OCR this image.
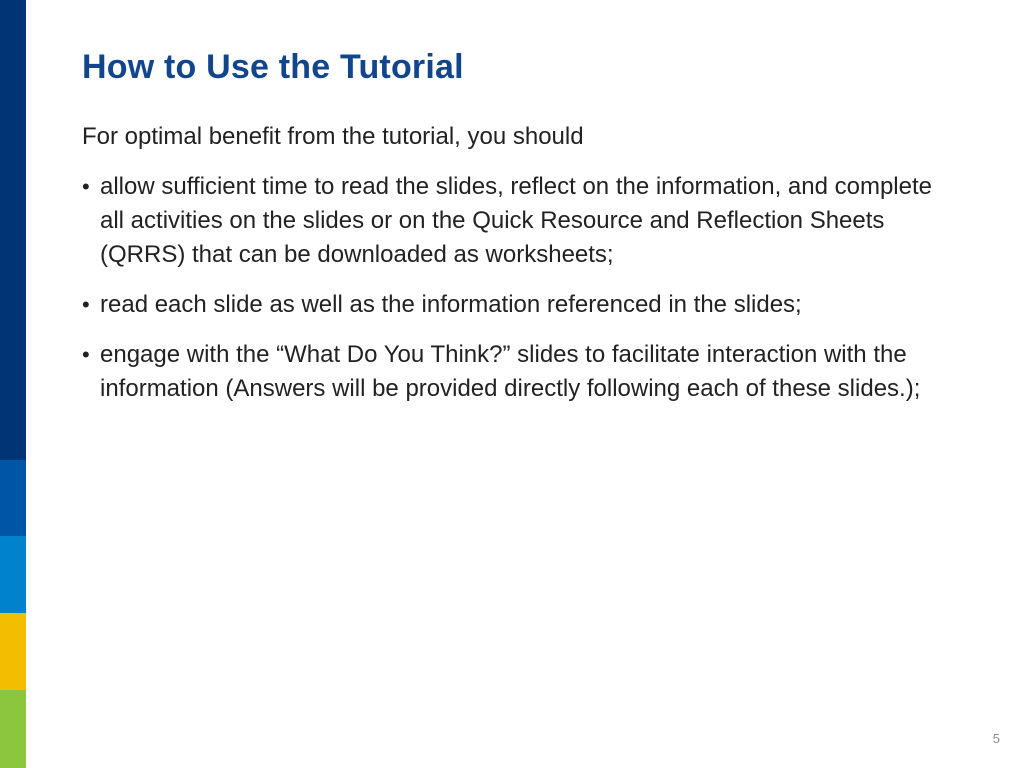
How to Use the Tutorial

For optimal benefit from the tutorial, you should

• allow sufficient time to read the slides, reflect on the information, and complete all activities on the slides or on the Quick Resource and Reflection Sheets (QRRS) that can be downloaded as worksheets;
• read each slide as well as the information referenced in the slides;
• engage with the “What Do You Think?” slides to facilitate interaction with the information (Answers will be provided directly following each of these slides.);
5
